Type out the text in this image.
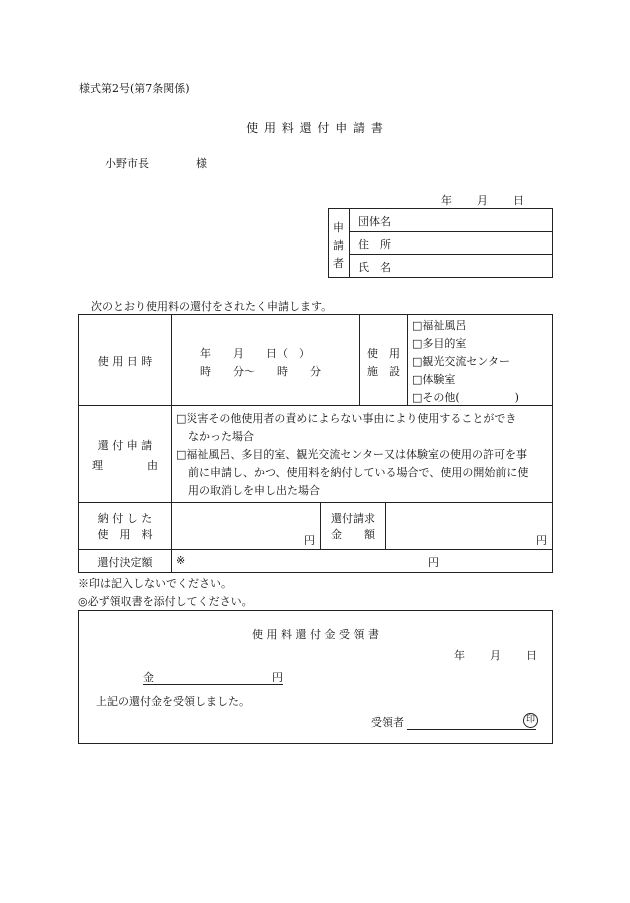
様式第2号(第7条関係)
使 用 料 還 付 申 請 書
小野市長	様
年 月 日
申
請
者
団体名
住　所
氏　名
次のとおり使用料の還付をされたく申請します。
使 用 日 時
年　　月　　日（　）
時　　分～　　時　　分
使　用
施　設
□福祉風呂
□多目的室
□観光交流センター
□体験室
□その他(　　　　　)
還 付 申 請
理　　　　由
□災害その他使用者の責めによらない事由により使用することができ
なかった場合
□福祉風呂、多目的室、観光交流センター又は体験室の使用の許可を事
前に申請し、かつ、使用料を納付している場合で、使用の開始前に使
用の取消しを申し出た場合
納 付 し た
使　用　料	円
還付請求
金　　額	円
還付決定額	※	円
※印は記入しないでください。
◎必ず領収書を添付してください。
使 用 料 還 付 金 受 領 書
年 月 日
金	円
上記の還付金を受領しました。
受領者	印
